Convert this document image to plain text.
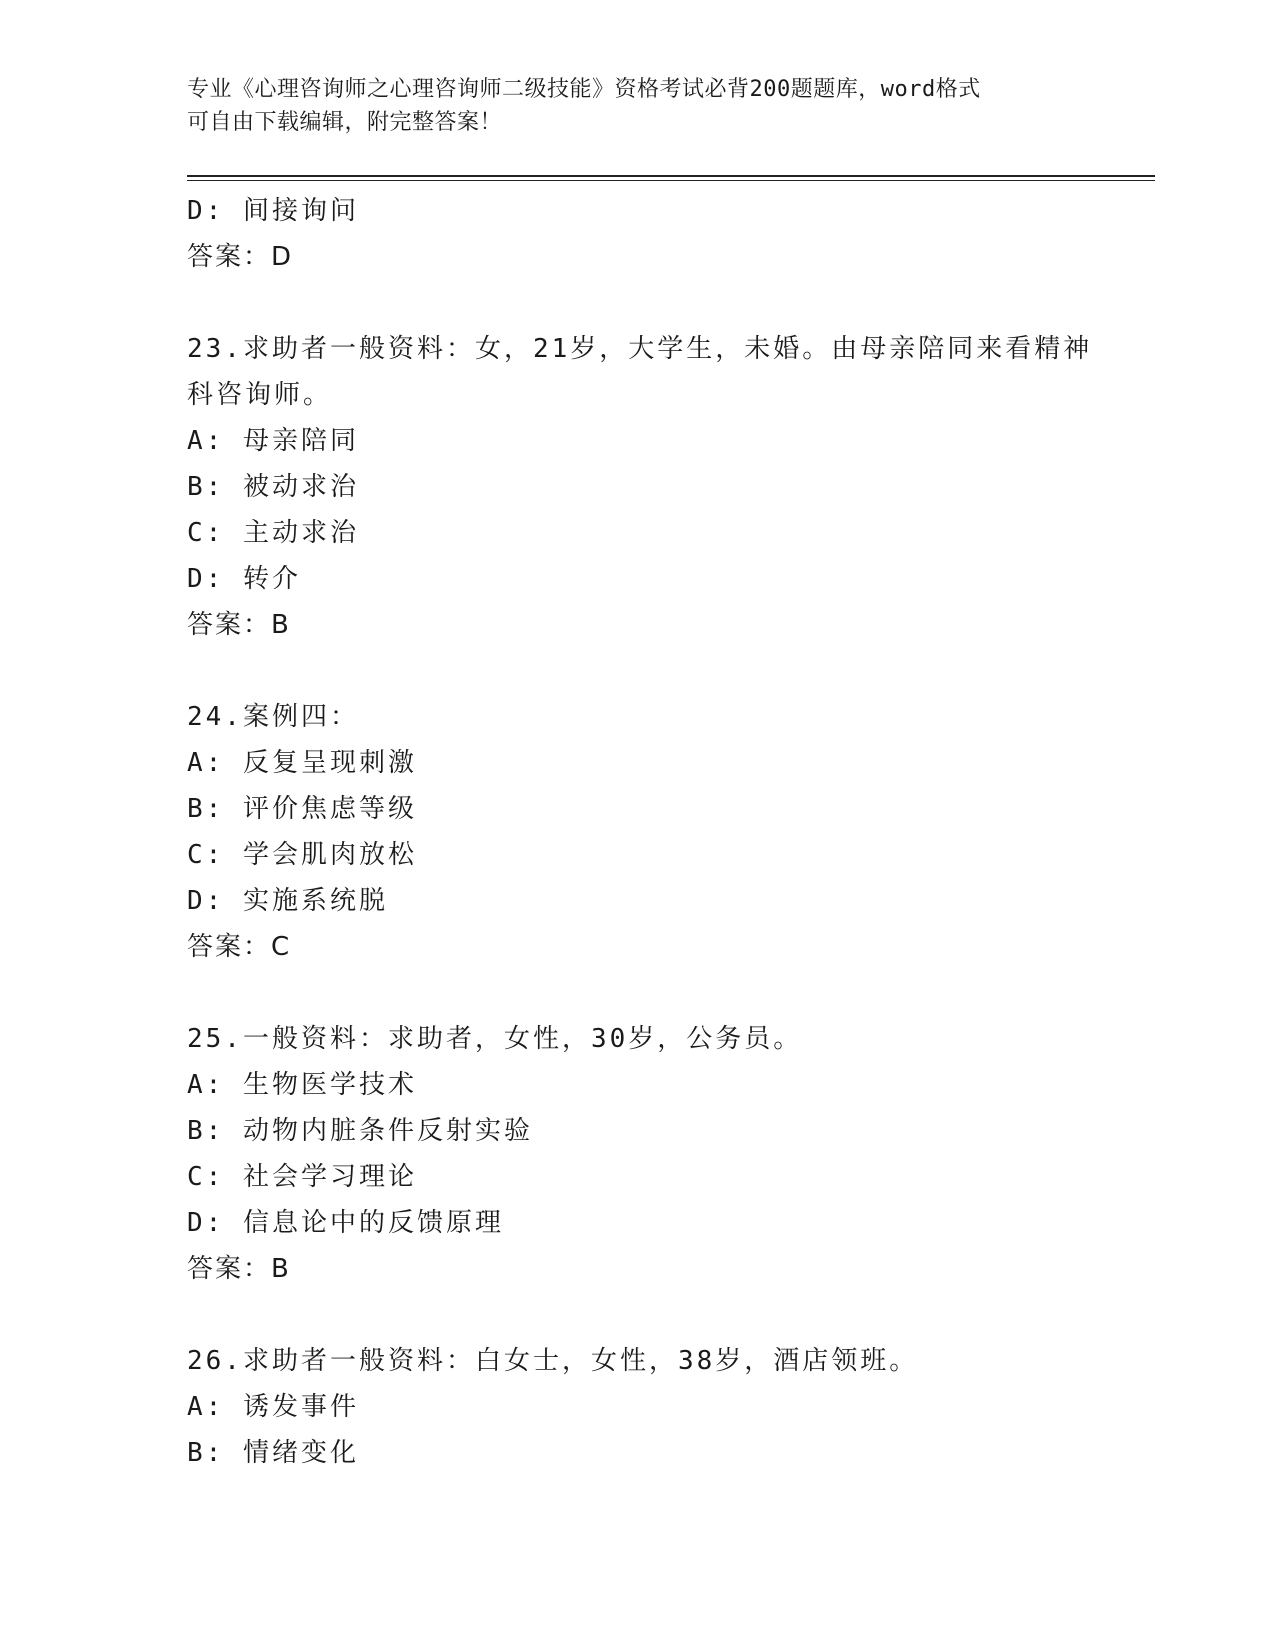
专业《心理咨询师之心理咨询师二级技能》资格考试必背200题题库，word格式
可自由下载编辑，附完整答案！
D: 间接询问
答案：D
23.求助者一般资料：女，21岁，大学生，未婚。由母亲陪同来看精神
科咨询师。
A: 母亲陪同
B: 被动求治
C: 主动求治
D: 转介
答案：B
24.案例四：
A: 反复呈现刺激
B: 评价焦虑等级
C: 学会肌肉放松
D: 实施系统脱
答案：C
25.一般资料：求助者，女性，30岁，公务员。
A: 生物医学技术
B: 动物内脏条件反射实验
C: 社会学习理论
D: 信息论中的反馈原理
答案：B
26.求助者一般资料：白女士，女性，38岁，酒店领班。
A: 诱发事件
B: 情绪变化
